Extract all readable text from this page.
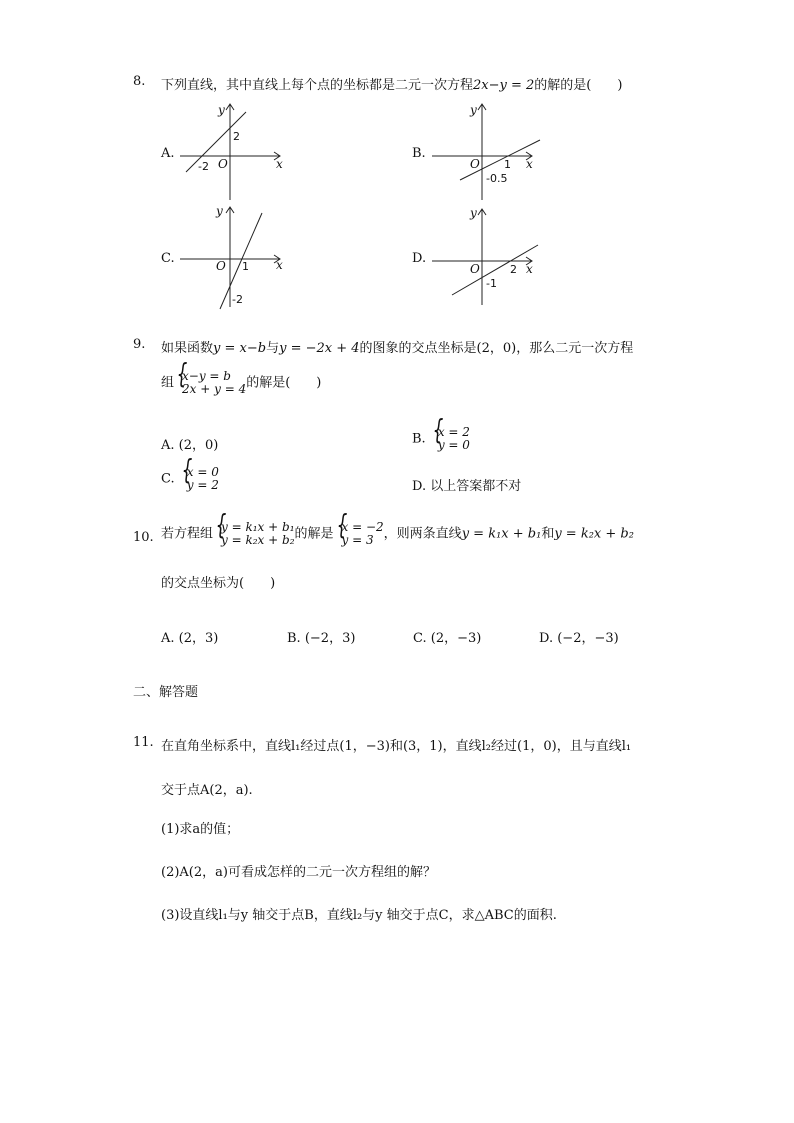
8. 下列直线，其中直线上每个点的坐标都是二元一次方程2x−y = 2的解的是(　　)
A.
x
y
O
2
-2
B.
x
y
O 1
-0.5
C.	x
y
O 1
-2
D.
x
y
O	2
-1
9. 如果函数y = x−b与y = −2x + 4的图象的交点坐标是(2，0)，那么二元一次方程
组 { x−y = b
2x + y = 4 的解是(　　)
A. (2，0)	B. { x = 2
y = 0
C. { x = 0
y = 2	D. 以上答案都不对
10. 若方程组 { y = k₁x + b₁
y = k₂x + b₂ 的解是 { x = −2
y = 3 ，则两条直线y = k₁x + b₁和y = k₂x + b₂
的交点坐标为(　　)
A. (2，3)	B. (−2，3)	C. (2，−3)	D. (−2，−3)
二、解答题
11. 在直角坐标系中，直线l₁经过点(1，−3)和(3，1)，直线l₂经过(1，0)，且与直线l₁
交于点A(2，a).
(1)求a的值；
(2)A(2，a)可看成怎样的二元一次方程组的解？
(3)设直线l₁与y 轴交于点B，直线l₂与y 轴交于点C，求△ABC的面积.
